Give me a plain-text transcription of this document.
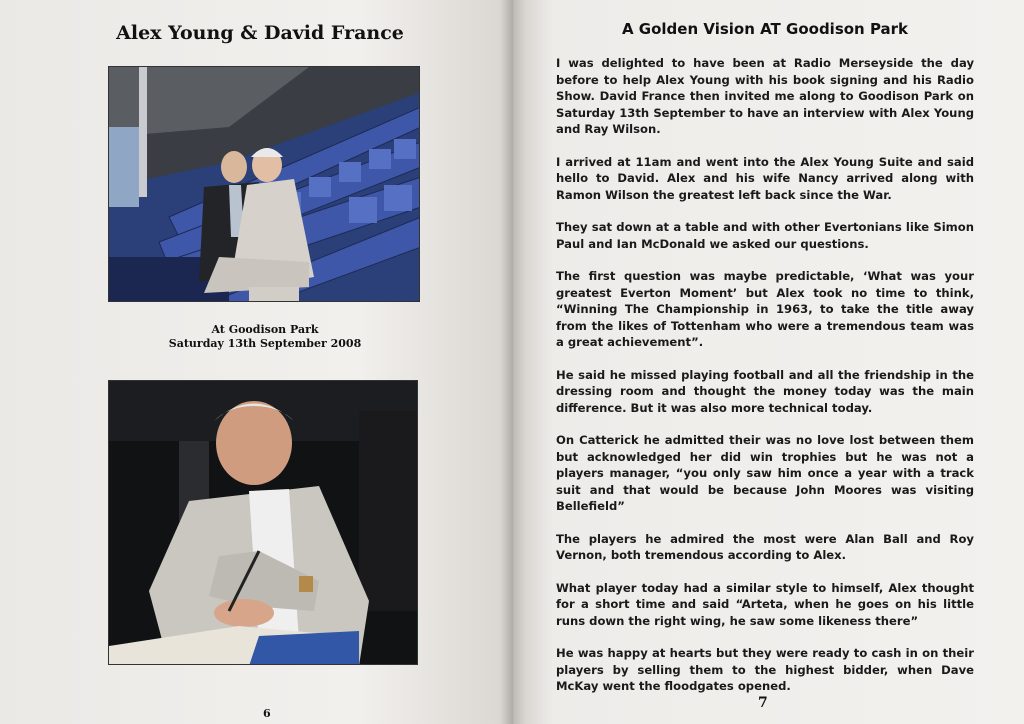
Alex Young & David France
At Goodison Park
Saturday 13th September 2008
6
A Golden Vision AT Goodison Park

I was delighted to have been at Radio Merseyside the day before to help Alex Young with his book signing and his Radio Show. David France then invited me along to Goodison Park on Saturday 13th September to have an interview with Alex Young and Ray Wilson.

I arrived at 11am and went into the Alex Young Suite and said hello to David. Alex and his wife Nancy arrived along with Ramon Wilson the greatest left back since the War.

They sat down at a table and with other Evertonians like Simon Paul and Ian McDonald we asked our questions.

The first question was maybe predictable, ‘What was your greatest Everton Moment’ but Alex took no time to think, “Winning The Championship in 1963, to take the title away from the likes of Tottenham who were a tremendous team was a great achievement”.

He said he missed playing football and all the friendship in the dressing room and thought the money today was the main difference. But it was also more technical today.

On Catterick he admitted their was no love lost between them but acknowledged her did win trophies but he was not a players manager, “you only saw him once a year with a track suit and that would be because John Moores was visiting Bellefield”

The players he admired the most were Alan Ball and Roy Vernon, both tremendous according to Alex.

What player today had a similar style to himself, Alex thought for a short time and said “Arteta, when he goes on his little runs down the right wing, he saw some likeness there”

He was happy at hearts but they were ready to cash in on their players by selling them to the highest bidder, when Dave McKay went the floodgates opened.

7
